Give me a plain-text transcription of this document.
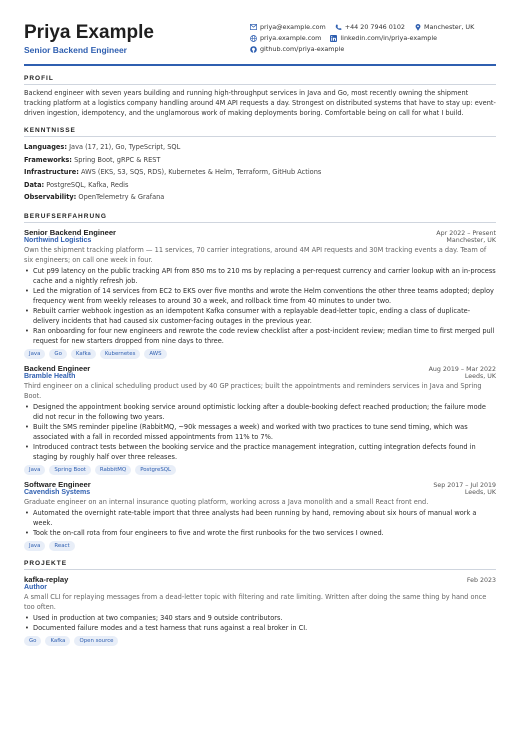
Priya Example
Senior Backend Engineer
priya@example.com	+44 20 7946 0102	Manchester, UK
priya.example.com	linkedin.com/in/priya-example
github.com/priya-example
PROFIL
Backend engineer with seven years building and running high-throughput services in Java and Go, most recently owning the shipment tracking platform at a logistics company handling around 4M API requests a day. Strongest on distributed systems that have to stay up: event-driven ingestion, idempotency, and the unglamorous work of making deployments boring. Comfortable being on call for what I build.
KENNTNISSE
Languages: Java (17, 21), Go, TypeScript, SQL
Frameworks: Spring Boot, gRPC & REST
Infrastructure: AWS (EKS, S3, SQS, RDS), Kubernetes & Helm, Terraform, GitHub Actions
Data: PostgreSQL, Kafka, Redis
Observability: OpenTelemetry & Grafana
BERUFSERFAHRUNG
Senior Backend Engineer	Apr 2022 – Present
Northwind Logistics	Manchester, UK
Own the shipment tracking platform — 11 services, 70 carrier integrations, around 4M API requests and 30M tracking events a day. Team of six engineers; on call one week in four.
• Cut p99 latency on the public tracking API from 850 ms to 210 ms by replacing a per-request currency and carrier lookup with an in-process cache and a nightly refresh job.
• Led the migration of 14 services from EC2 to EKS over five months and wrote the Helm conventions the other three teams adopted; deploy frequency went from weekly releases to around 30 a week, and rollback time from 40 minutes to under two.
• Rebuilt carrier webhook ingestion as an idempotent Kafka consumer with a replayable dead-letter topic, ending a class of duplicate-delivery incidents that had caused six customer-facing outages in the previous year.
• Ran onboarding for four new engineers and rewrote the code review checklist after a post-incident review; median time to first merged pull request for new starters dropped from nine days to three.
Java	Go	Kafka	Kubernetes	AWS
Backend Engineer	Aug 2019 – Mar 2022
Bramble Health	Leeds, UK
Third engineer on a clinical scheduling product used by 40 GP practices; built the appointments and reminders services in Java and Spring Boot.
• Designed the appointment booking service around optimistic locking after a double-booking defect reached production; the failure mode did not recur in the following two years.
• Built the SMS reminder pipeline (RabbitMQ, ~90k messages a week) and worked with two practices to tune send timing, which was associated with a fall in recorded missed appointments from 11% to 7%.
• Introduced contract tests between the booking service and the practice management integration, cutting integration defects found in staging by roughly half over three releases.
Java	Spring Boot	RabbitMQ	PostgreSQL
Software Engineer	Sep 2017 – Jul 2019
Cavendish Systems	Leeds, UK
Graduate engineer on an internal insurance quoting platform, working across a Java monolith and a small React front end.
• Automated the overnight rate-table import that three analysts had been running by hand, removing about six hours of manual work a week.
• Took the on-call rota from four engineers to five and wrote the first runbooks for the two services I owned.
Java	React
PROJEKTE
kafka-replay	Feb 2023
Author
A small CLI for replaying messages from a dead-letter topic with filtering and rate limiting. Written after doing the same thing by hand once too often.
• Used in production at two companies; 340 stars and 9 outside contributors.
• Documented failure modes and a test harness that runs against a real broker in CI.
Go	Kafka	Open source
